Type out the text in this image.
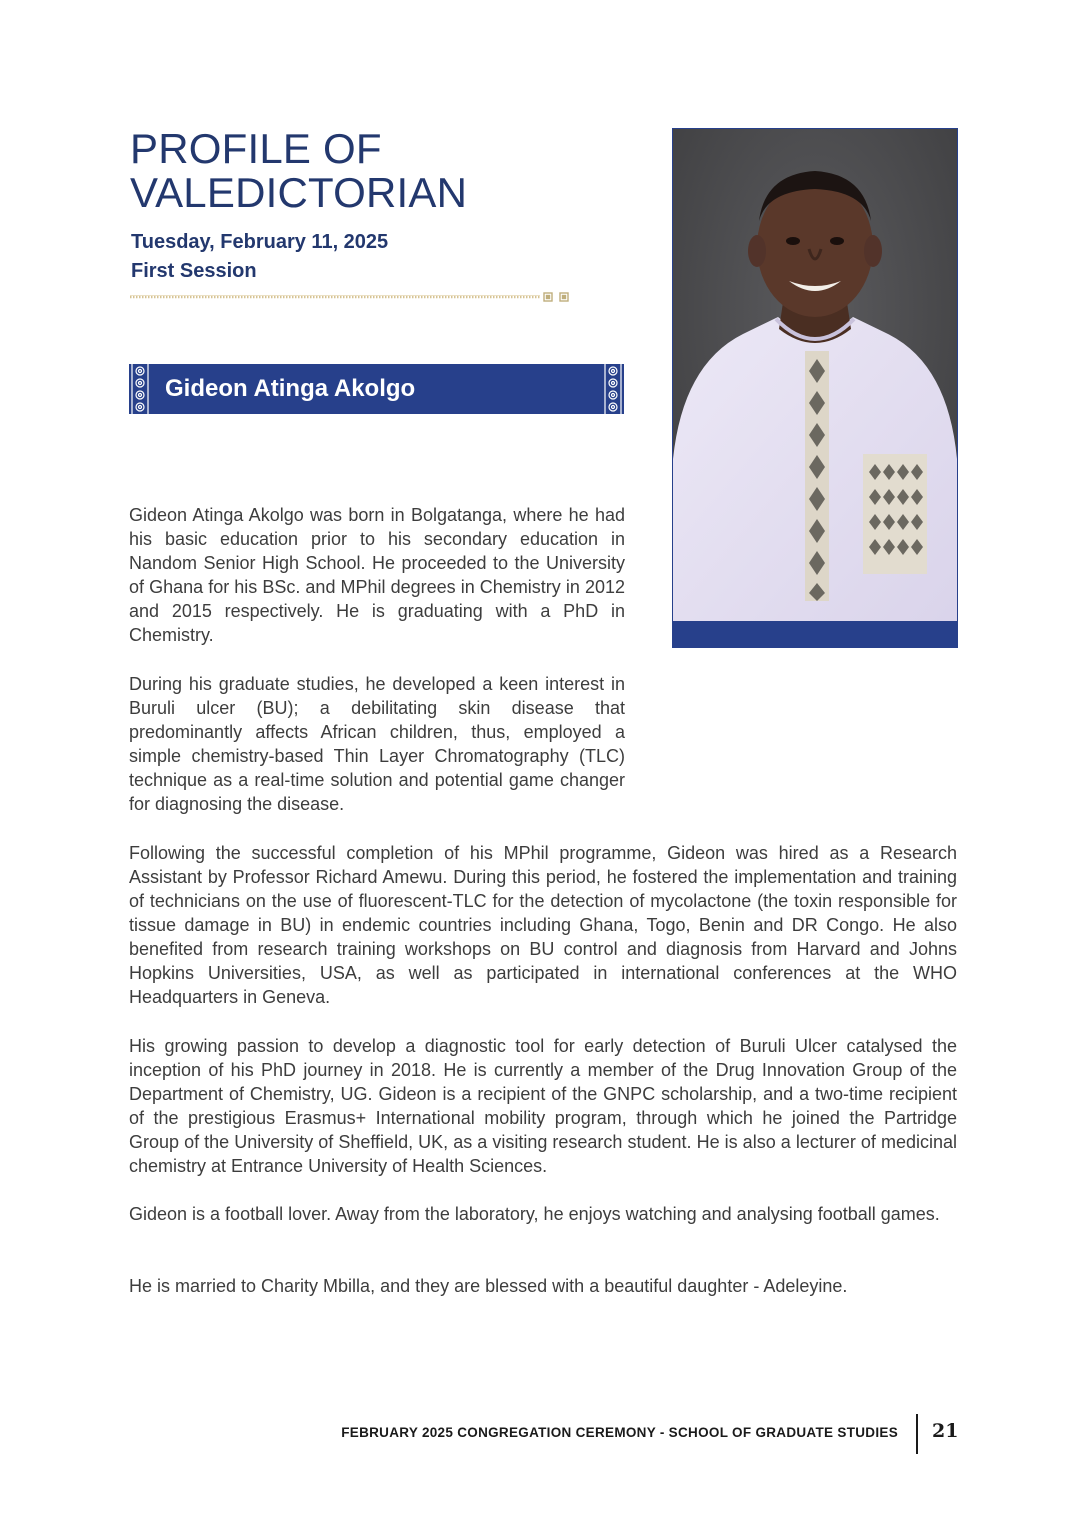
PROFILE OF
VALEDICTORIAN
Tuesday, February 11, 2025
First Session
Gideon Atinga Akolgo

Gideon Atinga Akolgo was born in Bolgatanga, where he had his basic education prior to his secondary education in Nandom Senior High School. He proceeded to the University of Ghana for his BSc. and MPhil degrees in Chemistry in 2012 and 2015 respectively. He is graduating with a PhD in Chemistry.

During his graduate studies, he developed a keen interest in Buruli ulcer (BU); a debilitating skin disease that predominantly affects African children, thus, employed a simple chemistry-based Thin Layer Chromatography (TLC) technique as a real-time solution and potential game changer for diagnosing the disease.

Following the successful completion of his MPhil programme, Gideon was hired as a Research Assistant by Professor Richard Amewu. During this period, he fostered the implementation and training of technicians on the use of fluorescent-TLC for the detection of mycolactone (the toxin responsible for tissue damage in BU) in endemic countries including Ghana, Togo, Benin and DR Congo. He also benefited from research training workshops on BU control and diagnosis from Harvard and Johns Hopkins Universities, USA, as well as participated in international conferences at the WHO Headquarters in Geneva.

His growing passion to develop a diagnostic tool for early detection of Buruli Ulcer catalysed the inception of his PhD journey in 2018. He is currently a member of the Drug Innovation Group of the Department of Chemistry, UG. Gideon is a recipient of the GNPC scholarship, and a two-time recipient of the prestigious Erasmus+ International mobility program, through which he joined the Partridge Group of the University of Sheffield, UK, as a visiting research student. He is also a lecturer of medicinal chemistry at Entrance University of Health Sciences.

Gideon is a football lover. Away from the laboratory, he enjoys watching and analysing football games.

He is married to Charity Mbilla, and they are blessed with a beautiful daughter - Adeleyine.

FEBRUARY 2025 CONGREGATION CEREMONY - SCHOOL OF GRADUATE STUDIES 21
